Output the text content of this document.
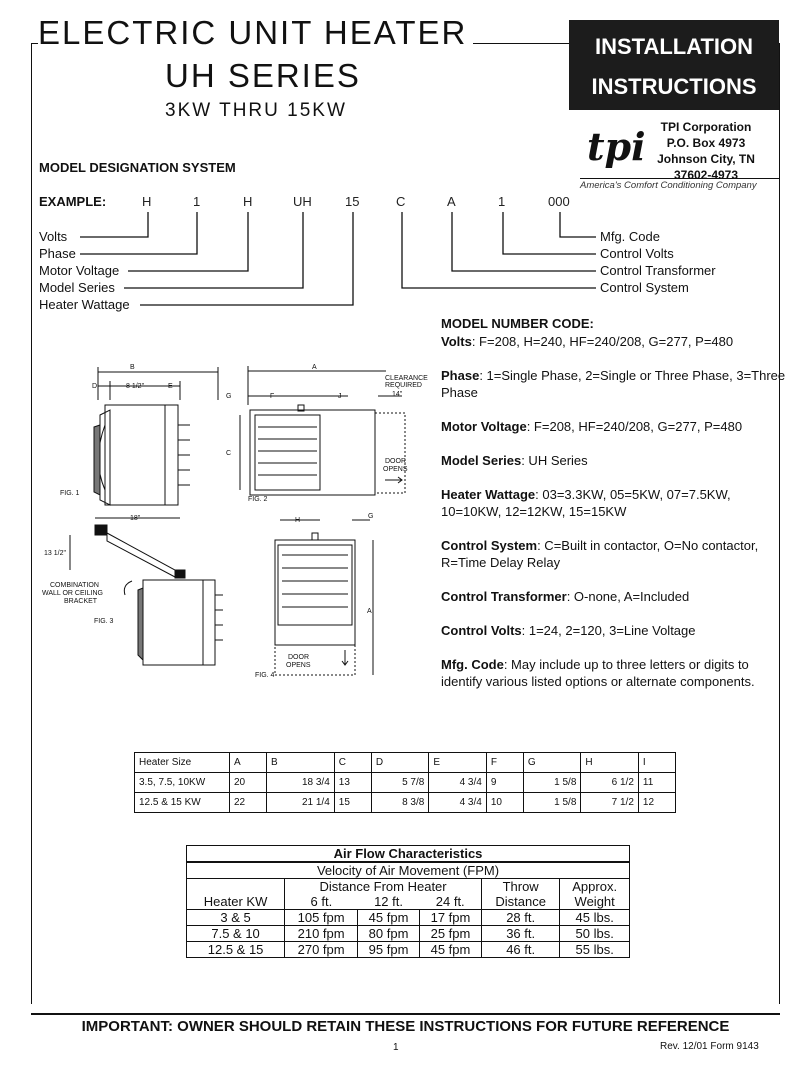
ELECTRIC UNIT HEATER
UH SERIES
3KW THRU 15KW
INSTALLATION
INSTRUCTIONS
tpi	TPI Corporation
P.O. Box 4973
Johnson City, TN
37602-4973
America's Comfort Conditioning Company
MODEL DESIGNATION SYSTEM
EXAMPLE:	H	1	H	UH	15	C	A	1	000
Volts
Phase
Motor Voltage
Model Series
Heater Wattage
Mfg. Code
Control Volts
Control Transformer
Control System
MODEL NUMBER CODE:

Volts: F=208, H=240, HF=240/208, G=277, P=480

Phase: 1=Single Phase, 2=Single or Three Phase, 3=Three Phase

Motor Voltage: F=208, HF=240/208, G=277, P=480

Model Series: UH Series

Heater Wattage: 03=3.3KW, 05=5KW, 07=7.5KW,

10=10KW, 12=12KW, 15=15KW

Control System: C=Built in contactor, O=No contactor, R=Time Delay Relay

Control Transformer: O-none, A=Included

Control Volts: 1=24, 2=120, 3=Line Voltage

Mfg. Code: May include up to three letters or digits to identify various listed options or alternate components.

B
D	8 1/2"	E
FIG. 1
A
G	F	J
C
CLEARANCE
REQUIRED
14"
DOOR
OPENS
FIG. 2
18"
13 1/2"
COMBINATION
WALL OR CEILING
BRACKET
FIG. 3
H
G
A
DOOR
OPENS
FIG. 4
Heater Size	A	B	C	D	E	F	G	H	I
3.5, 7.5, 10KW	20	18 3/4	13	5 7/8	4 3/4	9	1 5/8	6 1/2	11
12.5 & 15 KW	22	21 1/4	15	8 3/8	4 3/4	10	1 5/8	7 1/2	12
Air Flow Characteristics					
Velocity of Air Movement (FPM)					
	Distance From Heater			Throw	Approx.
Heater KW	6 ft.	12 ft.	24 ft.	Distance	Weight
3 & 5	105 fpm	45 fpm	17 fpm	28 ft.	45 lbs.
7.5 & 10	210 fpm	80 fpm	25 fpm	36 ft.	50 lbs.
12.5 & 15	270 fpm	95 fpm	45 fpm	46 ft.	55 lbs.
IMPORTANT: OWNER SHOULD RETAIN THESE INSTRUCTIONS FOR FUTURE REFERENCE
1	Rev. 12/01 Form 9143
